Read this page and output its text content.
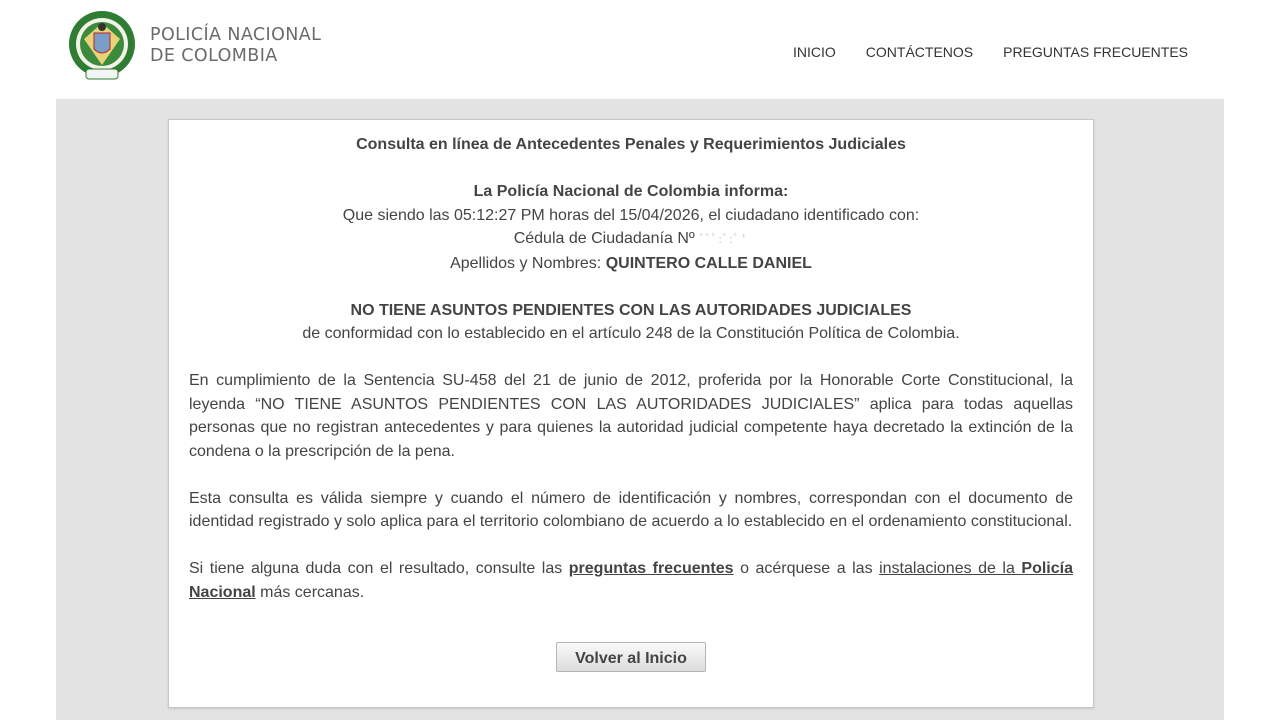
POLICÍA NACIONAL
DE COLOMBIA	INICIO CONTÁCTENOS PREGUNTAS FRECUENTES
Consulta en línea de Antecedentes Penales y Requerimientos Judiciales
La Policía Nacional de Colombia informa:
Que siendo las 05:12:27 PM horas del 15/04/2026, el ciudadano identificado con:
Cédula de Ciudadanía Nº ﾞﾞﾟ:ﾞ:ﾟ'
Apellidos y Nombres: QUINTERO CALLE DANIEL
NO TIENE ASUNTOS PENDIENTES CON LAS AUTORIDADES JUDICIALES
de conformidad con lo establecido en el artículo 248 de la Constitución Política de Colombia.

En cumplimiento de la Sentencia SU-458 del 21 de junio de 2012, proferida por la Honorable Corte Constitucional, la leyenda “NO TIENE ASUNTOS PENDIENTES CON LAS AUTORIDADES JUDICIALES” aplica para todas aquellas personas que no registran antecedentes y para quienes la autoridad judicial competente haya decretado la extinción de la condena o la prescripción de la pena.

Esta consulta es válida siempre y cuando el número de identificación y nombres, correspondan con el documento de identidad registrado y solo aplica para el territorio colombiano de acuerdo a lo establecido en el ordenamiento constitucional.

Si tiene alguna duda con el resultado, consulte las preguntas frecuentes o acérquese a las instalaciones de la Policía Nacional más cercanas.

Volver al Inicio
